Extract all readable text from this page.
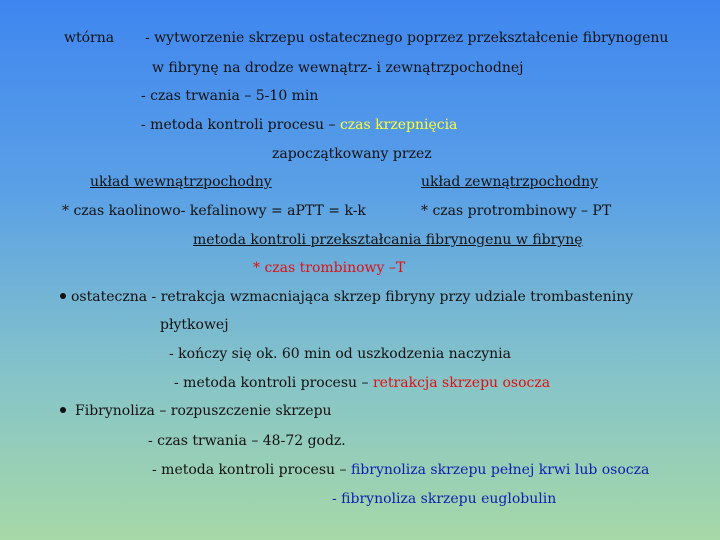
wtórna - wytworzenie skrzepu ostatecznego poprzez przekształcenie fibrynogenu
w fibrynę na drodze wewnątrz- i zewnątrzpochodnej
- czas trwania – 5-10 min
- metoda kontroli procesu – czas krzepnięcia
zapoczątkowany przez
układ wewnątrzpochodny	układ zewnątrzpochodny
* czas kaolinowo- kefalinowy = aPTT = k-k	* czas protrombinowy – PT
metoda kontroli przekształcania fibrynogenu w fibrynę
* czas trombinowy –T
ostateczna - retrakcja wzmacniająca skrzep fibryny przy udziale trombasteniny
płytkowej
- kończy się ok. 60 min od uszkodzenia naczynia
- metoda kontroli procesu – retrakcja skrzepu osocza
Fibrynoliza – rozpuszczenie skrzepu
- czas trwania – 48-72 godz.
- metoda kontroli procesu – fibrynoliza skrzepu pełnej krwi lub osocza
- fibrynoliza skrzepu euglobulin
